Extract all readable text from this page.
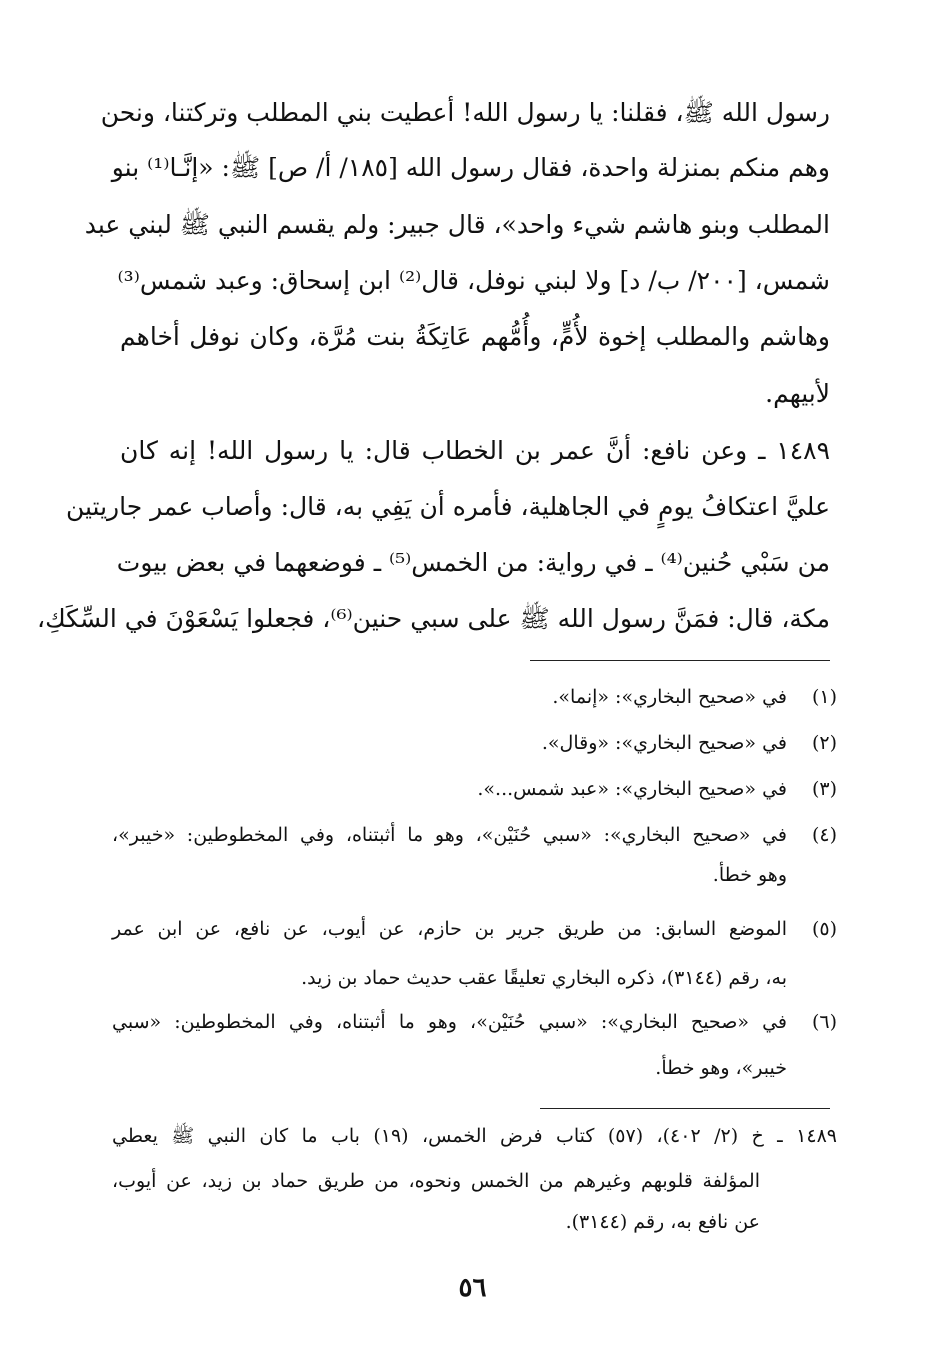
رسول الله ﷺ، فقلنا: يا رسول الله! أعطيت بني المطلب وتركتنا، ونحن
وهم منكم بمنزلة واحدة، فقال رسول الله [١٨٥/ أ/ ص] ﷺ: «إنَّـا⁽¹⁾ بنو
المطلب وبنو هاشم شيء واحد»، قال جبير: ولم يقسم النبي ﷺ لبني عبد
شمس، [٢٠٠/ ب/ د] ولا لبني نوفل، قال⁽²⁾ ابن إسحاق: وعبد شمس⁽³⁾
وهاشم والمطلب إخوة لأُمٍّ، وأُمُّهم عَاتِكَةُ بنت مُرَّة، وكان نوفل أخاهم
لأبيهم.
١٤٨٩ ـ وعن نافع: أنَّ عمر بن الخطاب قال: يا رسول الله! إنه كان
عليَّ اعتكافُ يومٍ في الجاهلية، فأمره أن يَفِي به، قال: وأصاب عمر جاريتين
من سَبْي حُنين⁽⁴⁾ ـ في رواية: من الخمس⁽⁵⁾ ـ فوضعهما في بعض بيوت
مكة، قال: فمَنَّ رسول الله ﷺ على سبي حنين⁽⁶⁾، فجعلوا يَسْعَوْنَ في السِّكَكِ،
(١)
في «صحيح البخاري»: «إنما».
(٢)
في «صحيح البخاري»: «وقال».
(٣)
في «صحيح البخاري»: «عبد شمس...».
(٤)
في «صحيح البخاري»: «سبي حُنَيْن»، وهو ما أثبتناه، وفي المخطوطين: «خيبر»،
وهو خطأ.
(٥)
الموضع السابق: من طريق جرير بن حازم، عن أيوب، عن نافع، عن ابن عمر
به، رقم (٣١٤٤)، ذكره البخاري تعليقًا عقب حديث حماد بن زيد.
(٦)
في «صحيح البخاري»: «سبي حُنَيْن»، وهو ما أثبتناه، وفي المخطوطين: «سبي
خيبر»، وهو خطأ.
١٤٨٩ ـ خ (٢/ ٤٠٢)، (٥٧) كتاب فرض الخمس، (١٩) باب ما كان النبي ﷺ يعطي
المؤلفة قلوبهم وغيرهم من الخمس ونحوه، من طريق حماد بن زيد، عن أيوب،
عن نافع به، رقم (٣١٤٤).
٥٦
